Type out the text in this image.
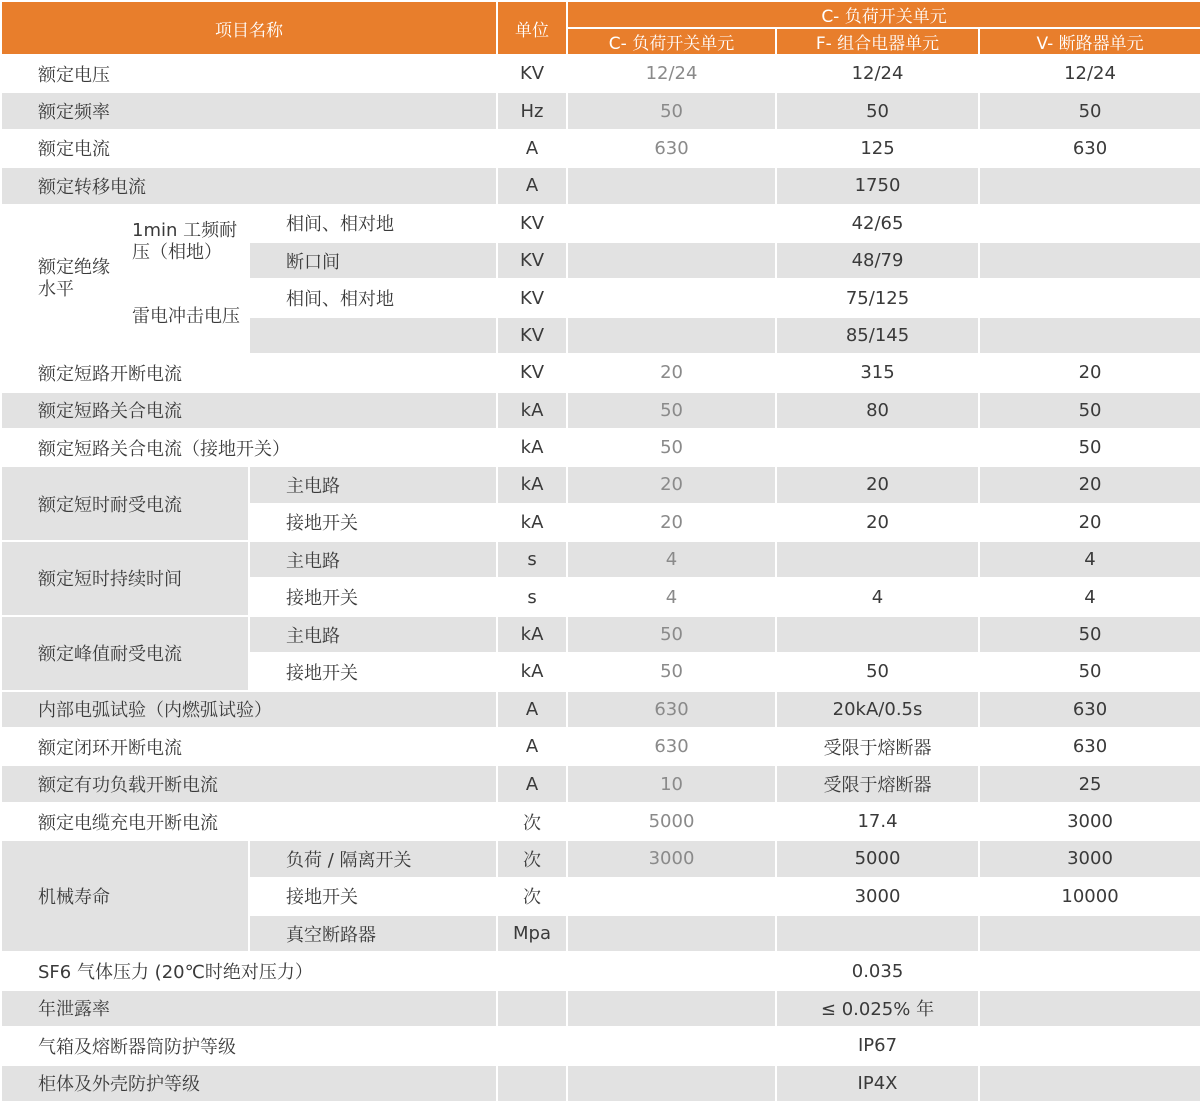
项目名称			单位	C- 负荷开关单元		
				C- 负荷开关单元	F- 组合电器单元	V- 断路器单元
额定电压			KV	12/24	12/24	12/24
额定频率			Hz	50	50	50
额定电流			A	630	125	630
额定转移电流			A		1750	
额定绝缘水平	1min 工频耐压（相地）	相间、相对地	KV		42/65	
		断口间	KV		48/79	
	雷电冲击电压	相间、相对地	KV		75/125	
			KV		85/145	
额定短路开断电流			KV	20	315	20
额定短路关合电流			kA	50	80	50
额定短路关合电流（接地开关）			kA	50		50
额定短时耐受电流		主电路	kA	20	20	20
		接地开关	kA	20	20	20
额定短时持续时间		主电路	s	4		4
		接地开关	s	4	4	4
额定峰值耐受电流		主电路	kA	50		50
		接地开关	kA	50	50	50
内部电弧试验（内燃弧试验）			A	630	20kA/0.5s	630
额定闭环开断电流			A	630	受限于熔断器	630
额定有功负载开断电流			A	10	受限于熔断器	25
额定电缆充电开断电流			次	5000	17.4	3000
机械寿命		负荷 / 隔离开关	次	3000	5000	3000
		接地开关	次		3000	10000
		真空断路器	Mpa			
SF6 气体压力 (20℃时绝对压力）					0.035	
年泄露率					≤ 0.025% 年	
气箱及熔断器筒防护等级					IP67	
柜体及外壳防护等级					IP4X	
